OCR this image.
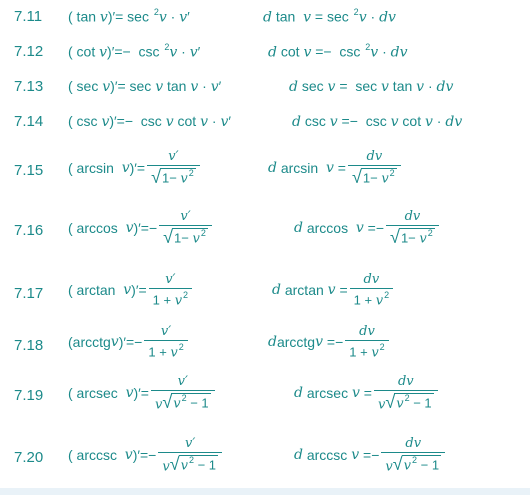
7.11 ( tan v)′= sec $^2$v · v′	d tan  v = sec $^2$v · dv
7.12 ( cot v)′=−  csc $^2$v · v′	d cot v =−  csc $^2$v · dv
7.13 ( sec v)′= sec v tan v · v′	d sec v =  sec v tan v · dv
7.14 ( csc v)′=−  csc v cot v · v′	d csc v =−  csc v cot v · dv
7.15 ( arcsin v )′= $\frac{v'}{√ 1- v^2}$	d $\arcsin v = \frac{dv}{√ 1- v^2}$
7.16 ( arccos v )′=− $\frac{v'}{√ 1- v^2}$	d $\arccos v =- \frac{dv}{√ 1- v^2}$
7.17 ( arctan v )′= $\frac{v'}{1 + v^2}$	d $\arctan v = \frac{dv}{1 + v^2}$
7.18 (arcctg v )′=− $\frac{v'}{1 + v^2}$	d arcctg $v =- \frac{dv}{1 + v^2}$
7.19 ( arcsec v )′= $\frac{v'}{v √ v^2 - 1}$	d arcsec $v = \frac{dv}{v √ v^2 - 1}$
7.20 ( arccsc v )′=− $\frac{v'}{v √ v^2 - 1}$	d arccsc $v =- \frac{dv}{v √ v^2 - 1}$
